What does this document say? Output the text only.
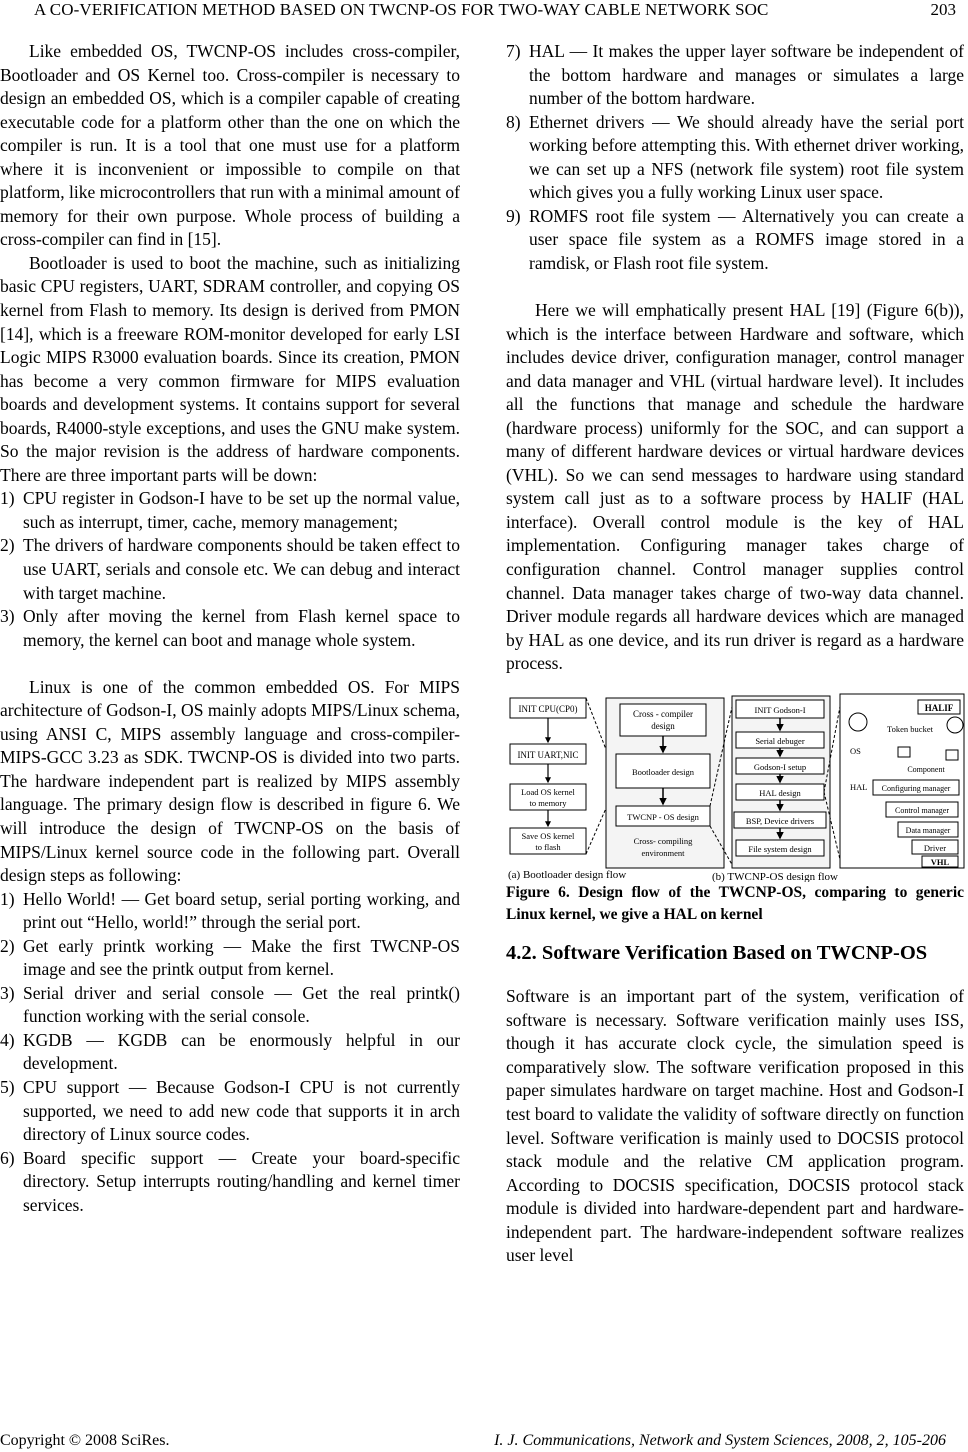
A CO-VERIFICATION METHOD BASED ON TWCNP-OS FOR TWO-WAY CABLE NETWORK SOC	203

Like embedded OS, TWCNP-OS includes cross-compiler, Bootloader and OS Kernel too. Cross-compiler is necessary to design an embedded OS, which is a compiler capable of creating executable code for a platform other than the one on which the compiler is run. It is a tool that one must use for a platform where it is inconvenient or impossible to compile on that platform, like microcontrollers that run with a minimal amount of memory for their own purpose. Whole process of building a cross-compiler can find in [15].

Bootloader is used to boot the machine, such as initializing basic CPU registers, UART, SDRAM controller, and copying OS kernel from Flash to memory. Its design is derived from PMON [14], which is a freeware ROM-monitor developed for early LSI Logic MIPS R3000 evaluation boards. Since its creation, PMON has become a very common firmware for MIPS evaluation boards and development systems. It contains support for several boards, R4000-style exceptions, and uses the GNU make system. So the major revision is the address of hardware components. There are three important parts will be down:

1) CPU register in Godson-I have to be set up the normal value, such as interrupt, timer, cache, memory management;
2) The drivers of hardware components should be taken effect to use UART, serials and console etc. We can debug and interact with target machine.
3) Only after moving the kernel from Flash kernel space to memory, the kernel can boot and manage whole system.

Linux is one of the common embedded OS. For MIPS architecture of Godson-I, OS mainly adopts MIPS/Linux schema, using ANSI C, MIPS assembly language and cross-compiler-MIPS-GCC 3.23 as SDK. TWCNP-OS is divided into two parts. The hardware independent part is realized by MIPS assembly language. The primary design flow is described in figure 6. We will introduce the design of TWCNP-OS on the basis of MIPS/Linux kernel source code in the following part. Overall design steps as following:

1) Hello World! — Get board setup, serial porting working, and print out “Hello, world!” through the serial port.
2) Get early printk working — Make the first TWCNP-OS image and see the printk output from kernel.
3) Serial driver and serial console — Get the real printk() function working with the serial console.
4) KGDB — KGDB can be enormously helpful in our development.
5) CPU support — Because Godson-I CPU is not currently supported, we need to add new code that supports it in arch directory of Linux source codes.
6) Board specific support — Create your board-specific directory. Setup interrupts routing/handling and kernel timer services.
7) HAL — It makes the upper layer software be independent of the bottom hardware and manages or simulates a large number of the bottom hardware.
8) Ethernet drivers — We should already have the serial port working before attempting this. With ethernet driver working, we can set up a NFS (network file system) root file system which gives you a fully working Linux user space.
9) ROMFS root file system — Alternatively you can create a user space file system as a ROMFS image stored in a ramdisk, or Flash root file system.

Here we will emphatically present HAL [19] (Figure 6(b)), which is the interface between Hardware and software, which includes device driver, configuration manager, control manager and data manager and VHL (virtual hardware level). It includes all the functions that manage and schedule the hardware (hardware process) uniformly for the SOC, and can support a many of different hardware devices or virtual hardware devices (VHL). So we can send messages to hardware using standard system call just as to a software process by HALIF (HAL interface). Overall control module is the key of HAL implementation. Configuring manager takes charge of configuration channel. Control manager supplies control channel. Data manager takes charge of two-way data channel. Driver module regards all hardware devices which are managed by HAL as one device, and its run driver is regard as a hardware process.

INIT CPU(CP0)
INIT UART,NIC
Load OS kernel
to memory
Save OS kernel
to flash
Cross - compiler
design
Bootloader design
TWCNP - OS design
Cross- compiling
environment
INIT Godson-I
Serial debuger
Godson-I setup
HAL design
BSP, Device drivers
File system design
HALIF
Token bucket
OS
Component
HAL Configuring manager
Control manager
Data manager
Driver
VHL
(a) Bootloader design flow	(b) TWCNP-OS design flow

Figure 6. Design flow of the TWCNP-OS, comparing to generic Linux kernel, we give a HAL on kernel

4.2. Software Verification Based on TWCNP-OS

Software is an important part of the system, verification of software is necessary. Software verification mainly uses ISS, though it has accurate clock cycle, the simulation speed is comparatively slow. The software verification proposed in this paper simulates hardware on target machine. Host and Godson-I test board to validate the validity of software directly on function level. Software verification is mainly used to DOCSIS protocol stack module and the relative CM application program. According to DOCSIS specification, DOCSIS protocol stack module is divided into hardware-dependent part and hardware-independent part. The hardware-independent software realizes user level

Copyright © 2008 SciRes.	I. J. Communications, Network and System Sciences, 2008, 2, 105-206
